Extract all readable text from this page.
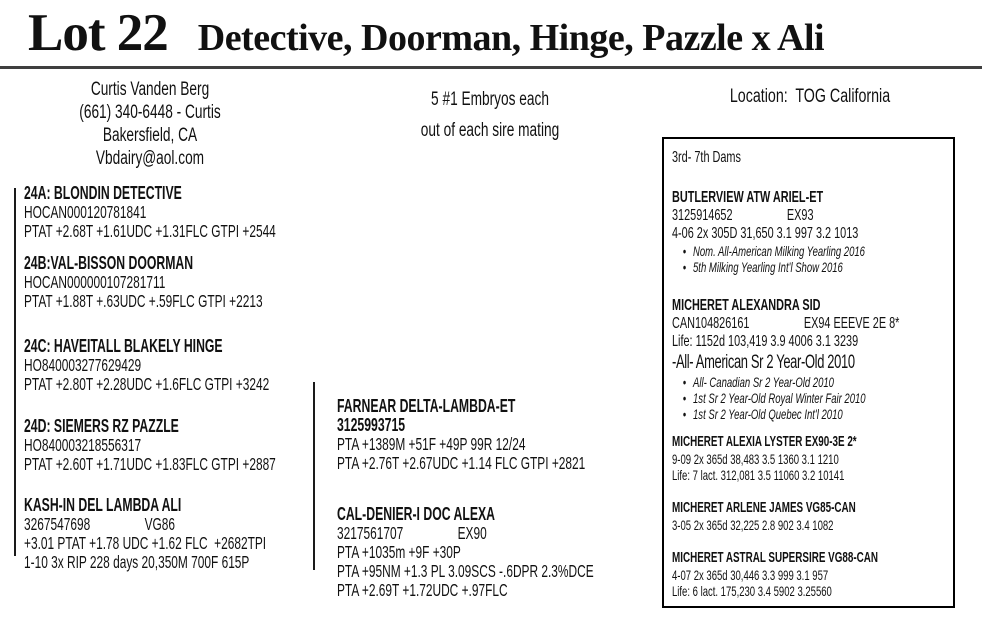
Lot 22 Detective, Doorman, Hinge, Pazzle x Ali
Curtis Vanden Berg
(661) 340-6448 - Curtis
Bakersfield, CA
Vbdairy@aol.com
5 #1 Embryos each
out of each sire mating
Location:  TOG California
24A: BLONDIN DETECTIVE
HOCAN000120781841
PTAT +2.68T +1.61UDC +1.31FLC GTPI +2544
24B:VAL-BISSON DOORMAN
HOCAN000000107281711
PTAT +1.88T +.63UDC +.59FLC GTPI +2213
24C: HAVEITALL BLAKELY HINGE
HO840003277629429
PTAT +2.80T +2.28UDC +1.6FLC GTPI +3242
24D: SIEMERS RZ PAZZLE
HO840003218556317
PTAT +2.60T +1.71UDC +1.83FLC GTPI +2887
KASH-IN DEL LAMBDA ALI
3267547698	VG86
+3.01 PTAT +1.78 UDC +1.62 FLC  +2682TPI
1-10 3x RIP 228 days 20,350M 700F 615P
FARNEAR DELTA-LAMBDA-ET
3125993715
PTA +1389M +51F +49P 99R 12/24
PTA +2.76T +2.67UDC +1.14 FLC GTPI +2821
CAL-DENIER-I DOC ALEXA
3217561707	EX90
PTA +1035m +9F +30P
PTA +95NM +1.3 PL 3.09SCS -.6DPR 2.3%DCE
PTA +2.69T +1.72UDC +.97FLC
3rd- 7th Dams
BUTLERVIEW ATW ARIEL-ET
3125914652	EX93
4-06 2x 305D 31,650 3.1 997 3.2 1013
• Nom. All-American Milking Yearling 2016
• 5th Milking Yearling Int'l Show 2016
MICHERET ALEXANDRA SID
CAN104826161	EX94 EEEVE 2E 8*
Life: 1152d 103,419 3.9 4006 3.1 3239
-All- American Sr 2 Year-Old 2010
• All- Canadian Sr 2 Year-Old 2010
• 1st Sr 2 Year-Old Royal Winter Fair 2010
• 1st Sr 2 Year-Old Quebec Int'l 2010
MICHERET ALEXIA LYSTER EX90-3E 2*
9-09 2x 365d 38,483 3.5 1360 3.1 1210
Life: 7 lact. 312,081 3.5 11060 3.2 10141
MICHERET ARLENE JAMES VG85-CAN
3-05 2x 365d 32,225 2.8 902 3.4 1082
MICHERET ASTRAL SUPERSIRE VG88-CAN
4-07 2x 365d 30,446 3.3 999 3.1 957
Life: 6 lact. 175,230 3.4 5902 3.25560
